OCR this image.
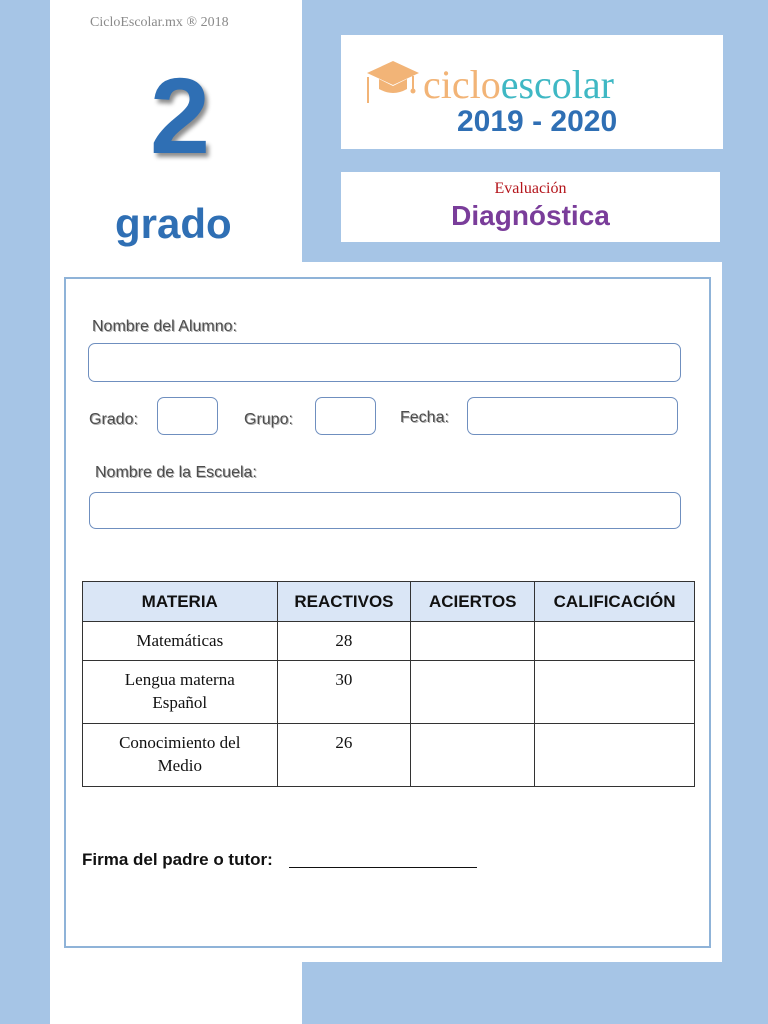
CicloEscolar.mx ® 2018
2
grado
cicloescolar
2019 - 2020
Evaluación
Diagnóstica
Nombre del Alumno:
Grado:	Grupo:	Fecha:
Nombre de la Escuela:
MATERIA	REACTIVOS	ACIERTOS	CALIFICACIÓN
Matemáticas	28		
Lengua materna
Español	30		
Conocimiento del
Medio	26		
Firma del padre o tutor:
